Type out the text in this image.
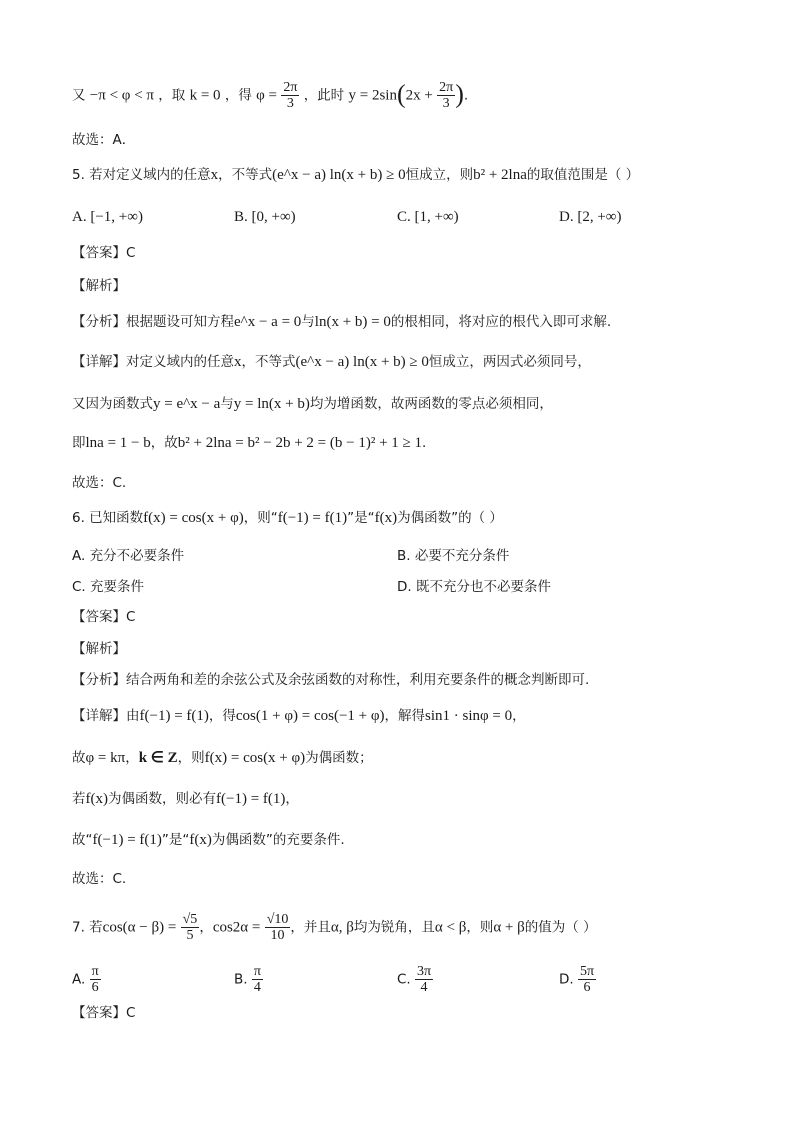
又 −π < φ < π ，取 k = 0 ，得 $\varphi = \frac{2\pi}{3}$ ，此时 $y = 2\sin(2x + \frac{2\pi}{3}$ ).
故选：A．
5. 若对定义域内的任意x，不等式(e^x − a) ln(x + b) ≥ 0恒成立，则b² + 2lna的取值范围是（ ）
A. [−1, +∞)	B. [0, +∞)	C. [1, +∞)	D. [2, +∞)
【答案】C
【解析】
【分析】根据题设可知方程e^x − a = 0与ln(x + b) = 0的根相同，将对应的根代入即可求解.
【详解】对定义域内的任意x，不等式(e^x − a) ln(x + b) ≥ 0恒成立，两因式必须同号，
又因为函数式y = e^x − a与y = ln(x + b)均为增函数，故两函数的零点必须相同，
即lna = 1 − b，故b² + 2lna = b² − 2b + 2 = (b − 1)² + 1 ≥ 1.
故选：C.
6. 已知函数f(x) = cos(x + φ)，则“f(−1) = f(1)”是“f(x)为偶函数”的（ ）
A. 充分不必要条件	B. 必要不充分条件
C. 充要条件	D. 既不充分也不必要条件
【答案】C
【解析】
【分析】结合两角和差的余弦公式及余弦函数的对称性，利用充要条件的概念判断即可.
【详解】由f(−1) = f(1)，得cos(1 + φ) = cos(−1 + φ)，解得sin1 · sinφ = 0，
故φ = kπ，k ∈ Z，则f(x) = cos(x + φ)为偶函数；
若f(x)为偶函数，则必有f(−1) = f(1)，
故“f(−1) = f(1)”是“f(x)为偶函数”的充要条件.
故选：C.
7. 若$\cos(\alpha - \beta) = \frac{√5}{5}$ ，$\cos 2\alpha = \frac{√10}{10}$ ，并且α, β均为锐角，且α < β，则α + β的值为（ ）
A. $\frac{\pi}{6}$	B. $\frac{\pi}{4}$	C. $\frac{3\pi}{4}$	D. $\frac{5\pi}{6}$
【答案】C
